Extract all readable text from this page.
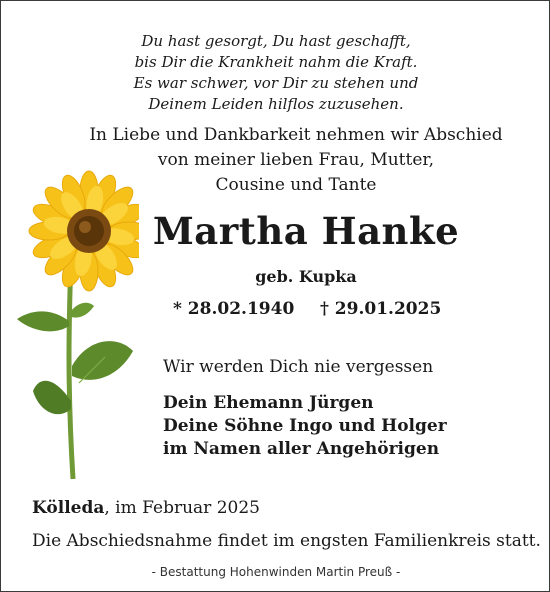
Du hast gesorgt, Du hast geschafft,
bis Dir die Krankheit nahm die Kraft.
Es war schwer, vor Dir zu stehen und
Deinem Leiden hilflos zuzusehen.
In Liebe und Dankbarkeit nehmen wir Abschied
von meiner lieben Frau, Mutter,
Cousine und Tante
Martha Hanke
geb. Kupka
* 28.02.1940 † 29.01.2025
Wir werden Dich nie vergessen
Dein Ehemann Jürgen
Deine Söhne Ingo und Holger
im Namen aller Angehörigen
Kölleda, im Februar 2025
Die Abschiedsnahme findet im engsten Familienkreis statt.
- Bestattung Hohenwinden Martin Preuß -
